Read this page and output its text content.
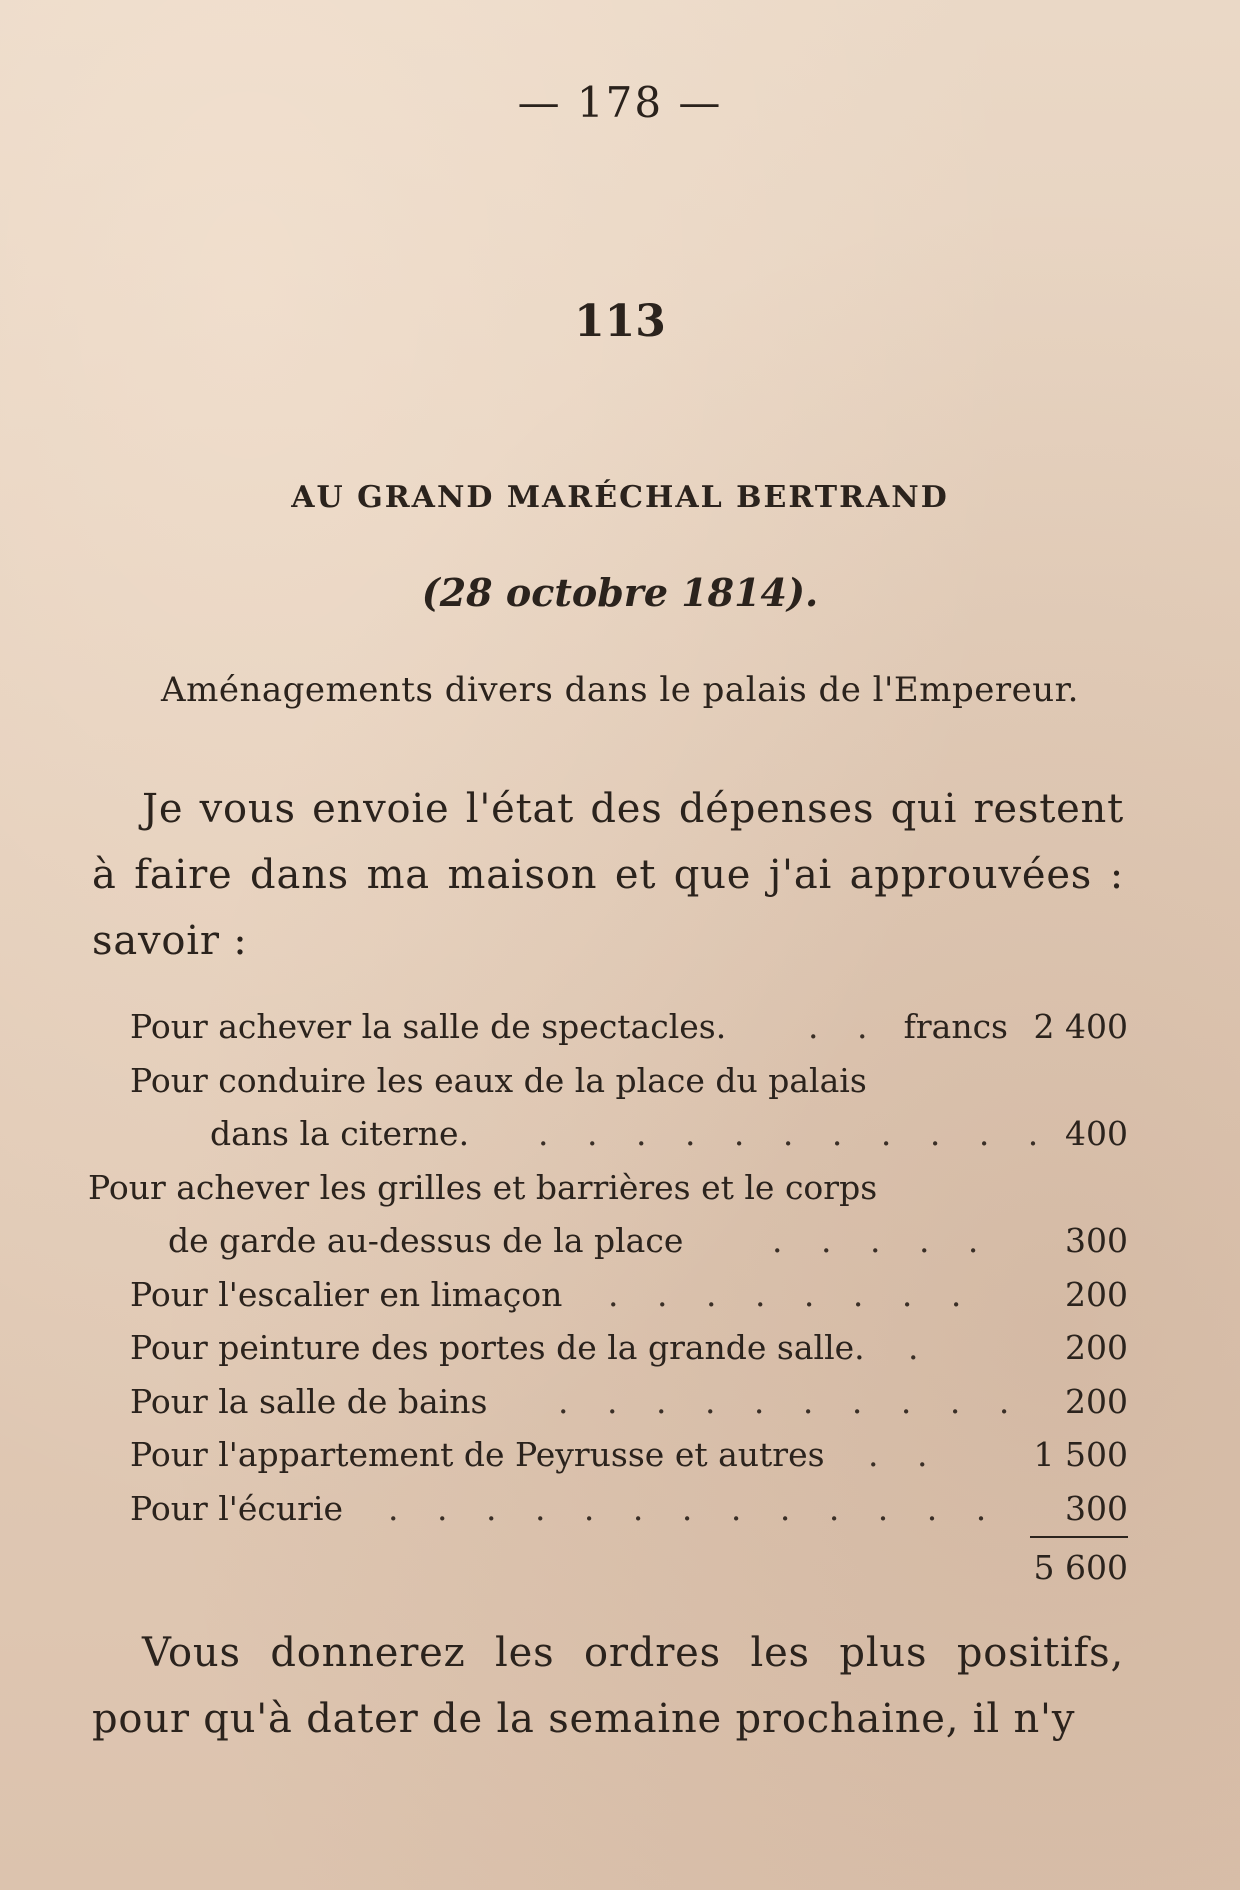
— 178 —
113
AU GRAND MARÉCHAL BERTRAND
(28 octobre 1814).
Aménagements divers dans le palais de l'Empereur.
Je vous envoie l'état des dépenses qui restent à faire dans ma maison et que j'ai approuvées : savoir :
Pour achever la salle de spectacles. . . francs 2 400
Pour conduire les eaux de la place du palais
dans la citerne. . . . . . . . . . . . 400
Pour achever les grilles et barrières et le corps
de garde au-dessus de la place	. . . . .	300
Pour l'escalier en limaçon . . . . . . . .	200
Pour peinture des portes de la grande salle. .	200
Pour la salle de bains . . . . . . . . . .	200
Pour l'appartement de Peyrusse et autres . .	1 500
Pour l'écurie . . . . . . . . . . . . .	300
5 600
Vous donnerez les ordres les plus positifs, pour qu'à dater de la semaine prochaine, il n'y
